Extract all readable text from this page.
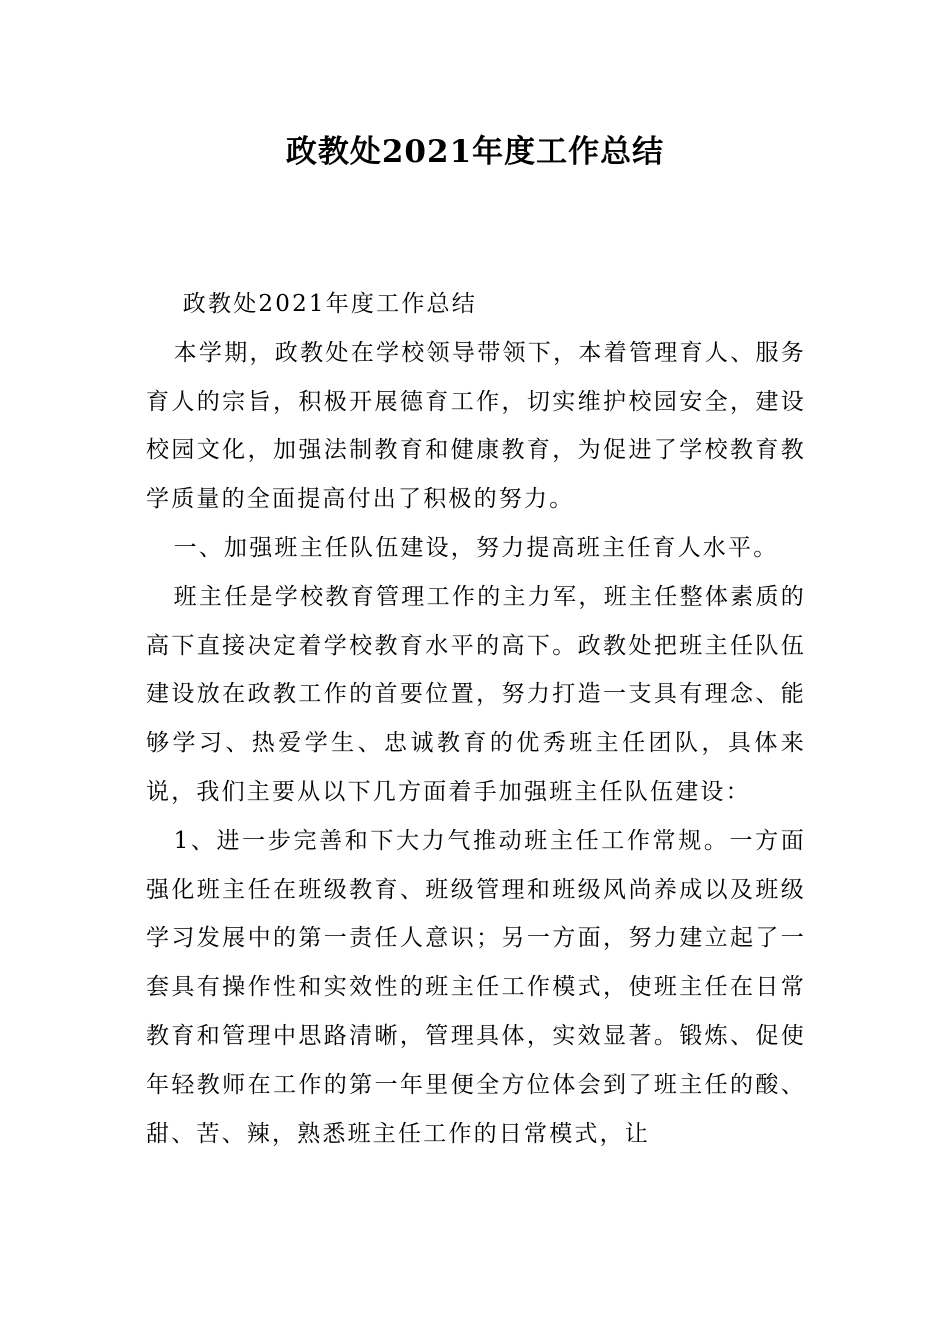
政教处2021年度工作总结

政教处2021年度工作总结

本学期，政教处在学校领导带领下，本着管理育人、服务育人的宗旨，积极开展德育工作，切实维护校园安全，建设校园文化，加强法制教育和健康教育，为促进了学校教育教学质量的全面提高付出了积极的努力。

一、加强班主任队伍建设，努力提高班主任育人水平。

班主任是学校教育管理工作的主力军，班主任整体素质的高下直接决定着学校教育水平的高下。政教处把班主任队伍建设放在政教工作的首要位置，努力打造一支具有理念、能够学习、热爱学生、忠诚教育的优秀班主任团队，具体来说，我们主要从以下几方面着手加强班主任队伍建设：

1、进一步完善和下大力气推动班主任工作常规。一方面强化班主任在班级教育、班级管理和班级风尚养成以及班级学习发展中的第一责任人意识；另一方面，努力建立起了一套具有操作性和实效性的班主任工作模式，使班主任在日常教育和管理中思路清晰，管理具体，实效显著。锻炼、促使年轻教师在工作的第一年里便全方位体会到了班主任的酸、甜、苦、辣，熟悉班主任工作的日常模式，让
